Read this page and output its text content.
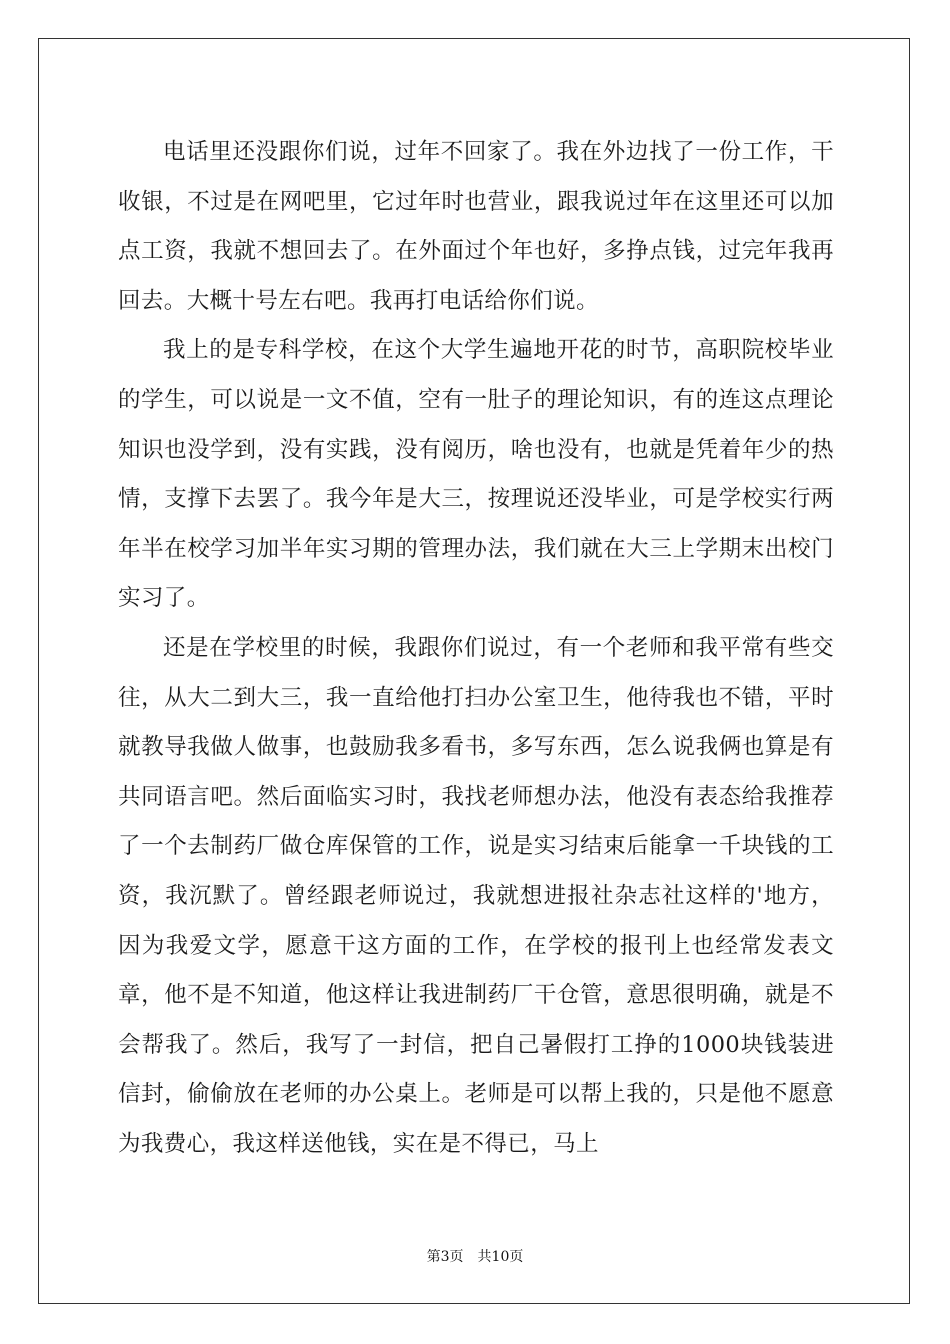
电话里还没跟你们说，过年不回家了。我在外边找了一份工作，干收银，不过是在网吧里，它过年时也营业，跟我说过年在这里还可以加点工资，我就不想回去了。在外面过个年也好，多挣点钱，过完年我再回去。大概十号左右吧。我再打电话给你们说。

我上的是专科学校，在这个大学生遍地开花的时节，高职院校毕业的学生，可以说是一文不值，空有一肚子的理论知识，有的连这点理论知识也没学到，没有实践，没有阅历，啥也没有，也就是凭着年少的热情，支撑下去罢了。我今年是大三，按理说还没毕业，可是学校实行两年半在校学习加半年实习期的管理办法，我们就在大三上学期末出校门实习了。

还是在学校里的时候，我跟你们说过，有一个老师和我平常有些交往，从大二到大三，我一直给他打扫办公室卫生，他待我也不错，平时就教导我做人做事，也鼓励我多看书，多写东西，怎么说我俩也算是有共同语言吧。然后面临实习时，我找老师想办法，他没有表态给我推荐了一个去制药厂做仓库保管的工作，说是实习结束后能拿一千块钱的工资，我沉默了。曾经跟老师说过，我就想进报社杂志社这样的'地方，因为我爱文学，愿意干这方面的工作，在学校的报刊上也经常发表文章，他不是不知道，他这样让我进制药厂干仓管，意思很明确，就是不会帮我了。然后，我写了一封信，把自己暑假打工挣的1000块钱装进信封，偷偷放在老师的办公桌上。老师是可以帮上我的，只是他不愿意为我费心，我这样送他钱，实在是不得已，马上

第3页 共10页
